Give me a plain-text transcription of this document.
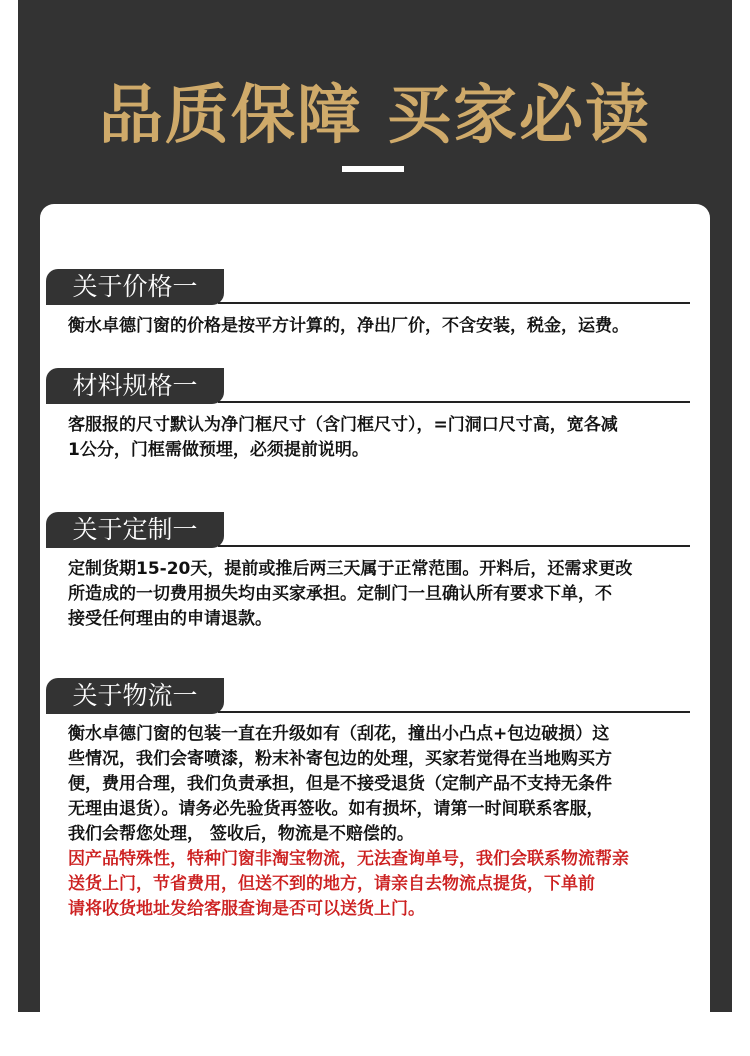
品质保障 买家必读
关于价格一
衡水卓德门窗的价格是按平方计算的，净出厂价，不含安装，税金，运费。
材料规格一
客服报的尺寸默认为净门框尺寸（含门框尺寸），=门洞口尺寸高，宽各减
1公分，门框需做预埋，必须提前说明。
关于定制一
定制货期15-20天，提前或推后两三天属于正常范围。开料后，还需求更改
所造成的一切费用损失均由买家承担。定制门一旦确认所有要求下单，不
接受任何理由的申请退款。
关于物流一
衡水卓德门窗的包装一直在升级如有（刮花，撞出小凸点+包边破损）这
些情况，我们会寄喷漆，粉末补寄包边的处理，买家若觉得在当地购买方
便，费用合理，我们负责承担，但是不接受退货（定制产品不支持无条件
无理由退货）。请务必先验货再签收。如有损坏，请第一时间联系客服，
我们会帮您处理， 签收后，物流是不赔偿的。
因产品特殊性，特种门窗非淘宝物流，无法查询单号，我们会联系物流帮亲
送货上门，节省费用，但送不到的地方，请亲自去物流点提货，下单前
请将收货地址发给客服查询是否可以送货上门。
